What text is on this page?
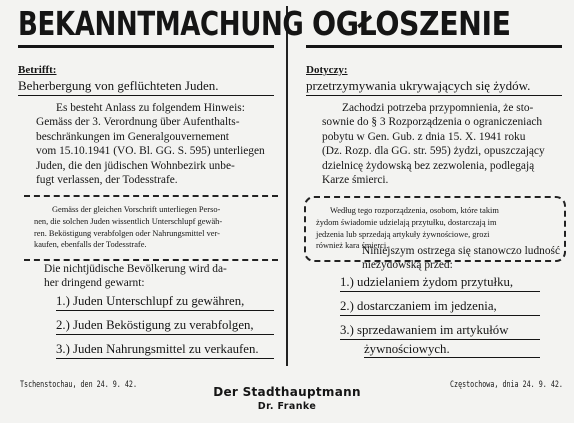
BEKANNTMACHUNG
Betrifft:
Beherbergung von geflüchteten Juden.
Es besteht Anlass zu folgendem Hinweis:
Gemäss der 3. Verordnung über Aufenthalts-
beschränkungen im Generalgouvernement
vom 15.10.1941 (VO. Bl. GG. S. 595) unterliegen
Juden, die den jüdischen Wohnbezirk unbe-
fugt verlassen, der Todesstrafe.
Gemäss der gleichen Vorschrift unterliegen Perso-
nen, die solchen Juden wissentlich Unterschlupf gewäh-
ren. Beköstigung verabfolgen oder Nahrungsmittel ver-
kaufen, ebenfalls der Todesstrafe.
Die nichtjüdische Bevölkerung wird da-
her dringend gewarnt:
1.) Juden Unterschlupf zu gewähren,
2.) Juden Beköstigung zu verabfolgen,
3.) Juden Nahrungsmittel zu verkaufen.
Tschenstochau, den 24. 9. 42.
OGŁOSZENIE
Dotyczy:
przetrzymywania ukrywających się żydów.
Zachodzi potrzeba przypomnienia, że sto-
sownie do § 3 Rozporządzenia o ograniczeniach
pobytu w Gen. Gub. z dnia 15. X. 1941 roku
(Dz. Rozp. dla GG. str. 595) żydzi, opuszczający
dzielnicę żydowską bez zezwolenia, podlegają
Karze śmierci.
Według tego rozporządzenia, osobom, które takim
żydom świadomie udzielają przytułku, dostarczają im
jedzenia lub sprzedają artykuły żywnościowe, grozi
również kara śmierci.
Niniejszym ostrzega się stanowczo ludność
nieżydowską przed:
1.) udzielaniem żydom przytułku,
2.) dostarczaniem im jedzenia,
3.) sprzedawaniem im artykułów
żywnościowych.
Częstochowa, dnia 24. 9. 42.
Der Stadthauptmann
Dr. Franke
